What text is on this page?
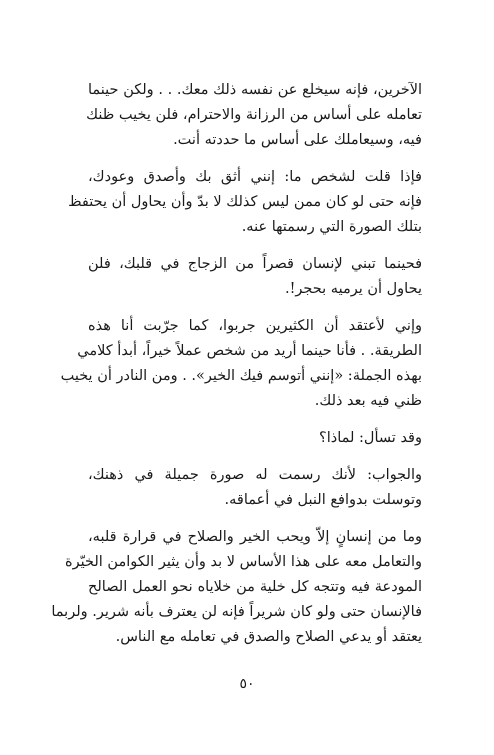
الآخرين، فإنه سيخلع عن نفسه ذلك معك. . . ولكن حينما
تعامله على أساس من الرزانة والاحترام، فلن يخيب ظنك
فيه، وسيعاملك على أساس ما حددته أنت.

فإذا قلت لشخص ما: إنني أثق بك وأصدق وعودك،
فإنه حتى لو كان ممن ليس كذلك لا بدّ وأن يحاول أن يحتفظ
بتلك الصورة التي رسمتها عنه.

فحينما تبني لإنسان قصراً من الزجاج في قلبك، فلن
يحاول أن يرميه بحجر!.

وإني لأعتقد أن الكثيرين جربوا، كما جرّبت أنا هذه
الطريقة. . فأنا حينما أريد من شخص عملاً خيراً، أبدأ كلامي
بهذه الجملة: «إنني أتوسم فيك الخير». . ومن النادر أن يخيب
ظني فيه بعد ذلك.

وقد تسأل: لماذا؟

والجواب: لأنك رسمت له صورة جميلة في ذهنك،
وتوسلت بدوافع النبل في أعماقه.

وما من إنسانٍ إلاّ ويحب الخير والصلاح في قرارة قلبه،
والتعامل معه على هذا الأساس لا بد وأن يثير الكوامن الخيّرة
المودعة فيه وتتجه كل خلية من خلاياه نحو العمل الصالح
فالإنسان حتى ولو كان شريراً فإنه لن يعترف بأنه شرير. ولربما
يعتقد أو يدعي الصلاح والصدق في تعامله مع الناس.

٥٠
